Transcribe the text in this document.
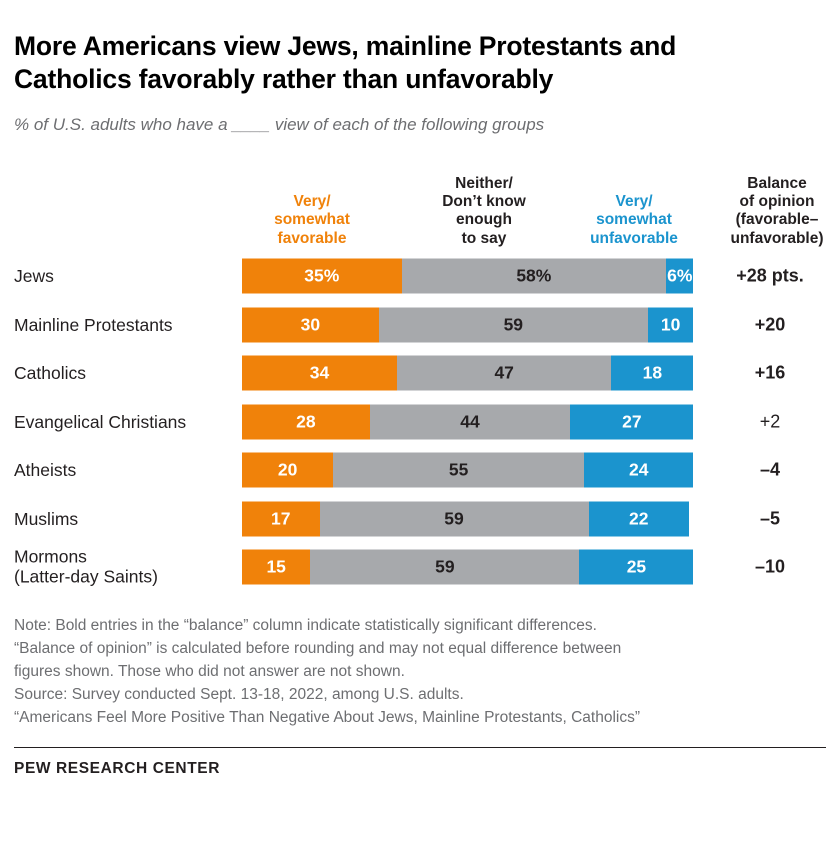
More Americans view Jews, mainline Protestants and Catholics favorably rather than unfavorably
% of U.S. adults who have a ____ view of each of the following groups
Very/
somewhat
favorable
Neither/
Don’t know
enough
to say
Very/
somewhat
unfavorable
Balance
of opinion
(favorable–
unfavorable)
Jews	35%	58%	6%	+28 pts.
Mainline Protestants	30	59	10	+20
Catholics	34	47	18	+16
Evangelical Christians	28	44	27	+2
Atheists	20	55	24	–4
Muslims	17	59	22	–5
Mormons
(Latter-day Saints)
15	59	25	–10
Note: Bold entries in the “balance” column indicate statistically significant differences.
“Balance of opinion” is calculated before rounding and may not equal difference between
figures shown. Those who did not answer are not shown.
Source: Survey conducted Sept. 13-18, 2022, among U.S. adults.
“Americans Feel More Positive Than Negative About Jews, Mainline Protestants, Catholics”
PEW RESEARCH CENTER
